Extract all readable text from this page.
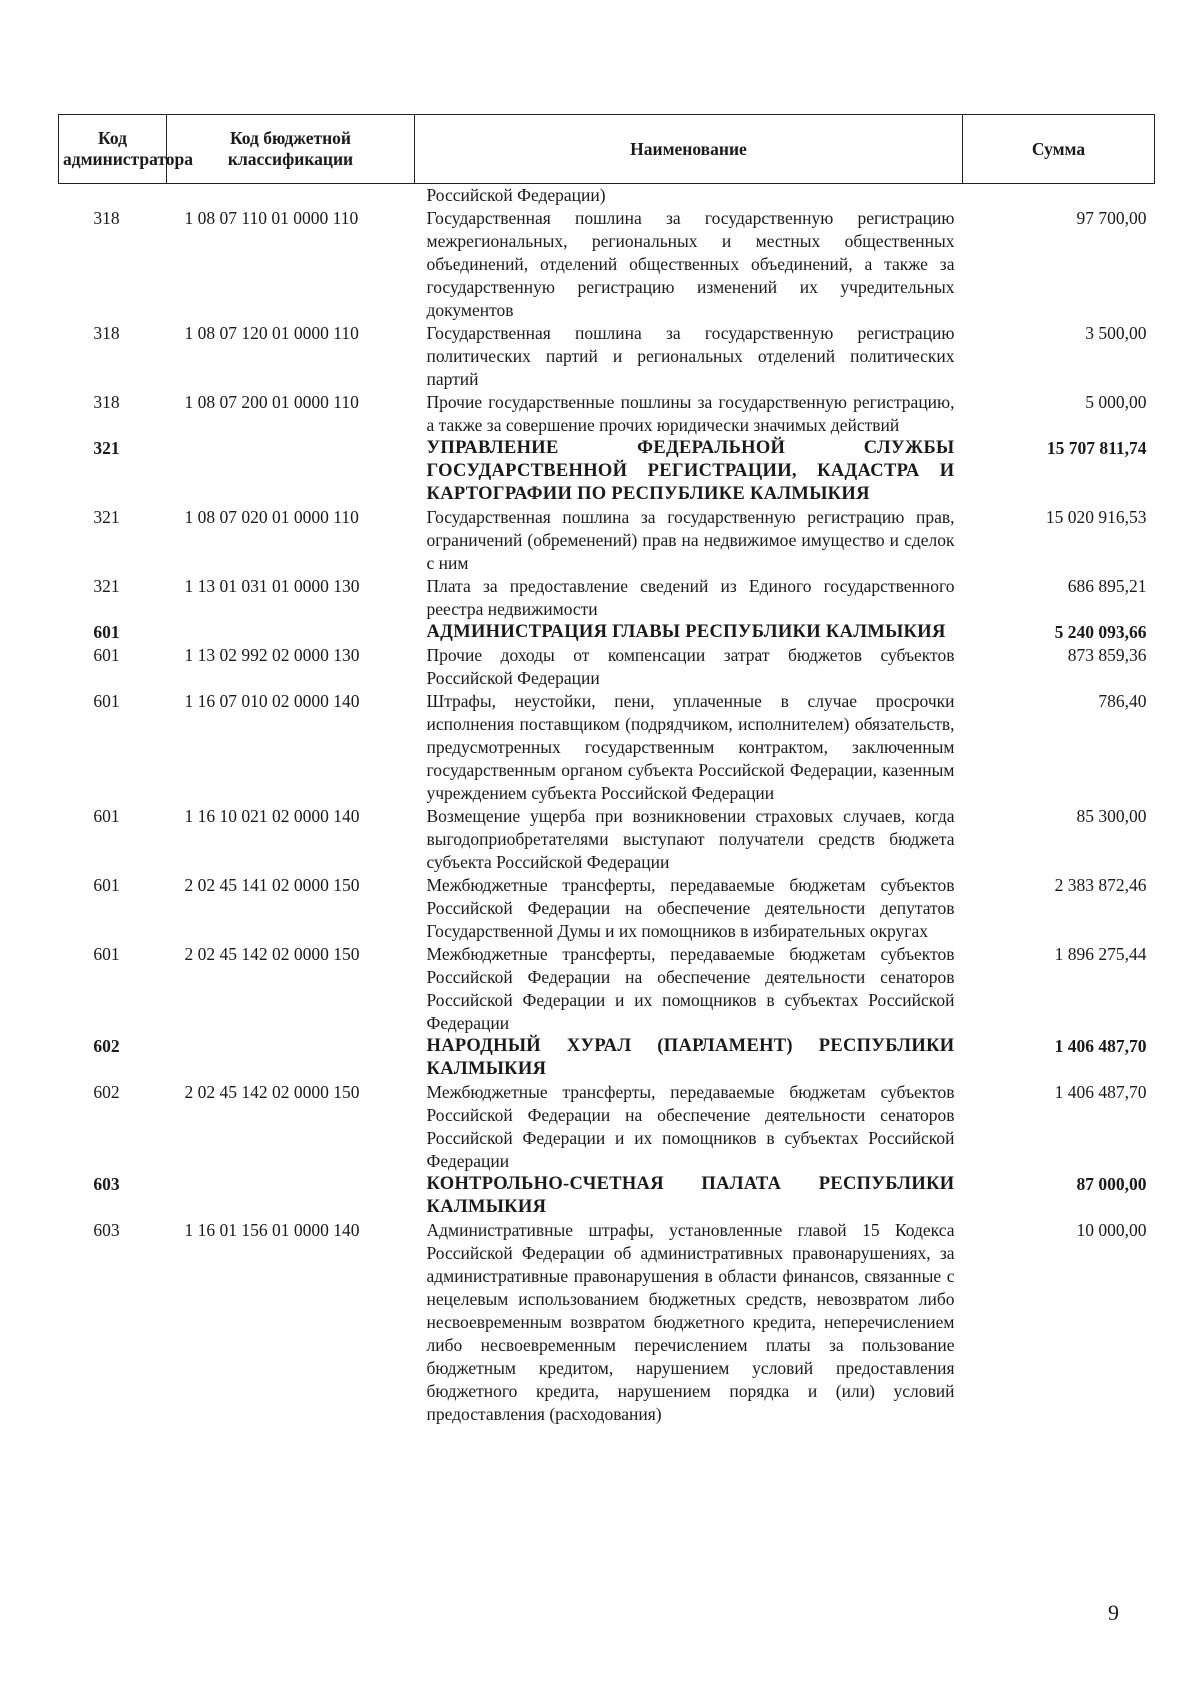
Код администратора	Код бюджетной классификации	Наименование	Сумма
		Российской Федерации)	
318	1 08 07 110 01 0000 110	Государственная пошлина за государственную регистрацию межрегиональных, региональных и местных общественных объединений, отделений общественных объединений, а также за государственную регистрацию изменений их учредительных документов	97 700,00
318	1 08 07 120 01 0000 110	Государственная пошлина за государственную регистрацию политических партий и региональных отделений политических партий	3 500,00
318	1 08 07 200 01 0000 110	Прочие государственные пошлины за государственную регистрацию, а также за совершение прочих юридически значимых действий	5 000,00
321		УПРАВЛЕНИЕ ФЕДЕРАЛЬНОЙ СЛУЖБЫ ГОСУДАРСТВЕННОЙ РЕГИСТРАЦИИ, КАДАСТРА И КАРТОГРАФИИ ПО РЕСПУБЛИКЕ КАЛМЫКИЯ	15 707 811,74
321	1 08 07 020 01 0000 110	Государственная пошлина за государственную регистрацию прав, ограничений (обременений) прав на недвижимое имущество и сделок с ним	15 020 916,53
321	1 13 01 031 01 0000 130	Плата за предоставление сведений из Единого государственного реестра недвижимости	686 895,21
601		АДМИНИСТРАЦИЯ ГЛАВЫ РЕСПУБЛИКИ КАЛМЫКИЯ	5 240 093,66
601	1 13 02 992 02 0000 130	Прочие доходы от компенсации затрат бюджетов субъектов Российской Федерации	873 859,36
601	1 16 07 010 02 0000 140	Штрафы, неустойки, пени, уплаченные в случае просрочки исполнения поставщиком (подрядчиком, исполнителем) обязательств, предусмотренных государственным контрактом, заключенным государственным органом субъекта Российской Федерации, казенным учреждением субъекта Российской Федерации	786,40
601	1 16 10 021 02 0000 140	Возмещение ущерба при возникновении страховых случаев, когда выгодоприобретателями выступают получатели средств бюджета субъекта Российской Федерации	85 300,00
601	2 02 45 141 02 0000 150	Межбюджетные трансферты, передаваемые бюджетам субъектов Российской Федерации на обеспечение деятельности депутатов Государственной Думы и их помощников в избирательных округах	2 383 872,46
601	2 02 45 142 02 0000 150	Межбюджетные трансферты, передаваемые бюджетам субъектов Российской Федерации на обеспечение деятельности сенаторов Российской Федерации и их помощников в субъектах Российской Федерации	1 896 275,44
602		НАРОДНЫЙ ХУРАЛ (ПАРЛАМЕНТ) РЕСПУБЛИКИ КАЛМЫКИЯ	1 406 487,70
602	2 02 45 142 02 0000 150	Межбюджетные трансферты, передаваемые бюджетам субъектов Российской Федерации на обеспечение деятельности сенаторов Российской Федерации и их помощников в субъектах Российской Федерации	1 406 487,70
603		КОНТРОЛЬНО-СЧЕТНАЯ ПАЛАТА РЕСПУБЛИКИ КАЛМЫКИЯ	87 000,00
603	1 16 01 156 01 0000 140	Административные штрафы, установленные главой 15 Кодекса Российской Федерации об административных правонарушениях, за административные правонарушения в области финансов, связанные с нецелевым использованием бюджетных средств, невозвратом либо несвоевременным возвратом бюджетного кредита, неперечислением либо несвоевременным перечислением платы за пользование бюджетным кредитом, нарушением условий предоставления бюджетного кредита, нарушением порядка и (или) условий предоставления (расходования)	10 000,00
9
